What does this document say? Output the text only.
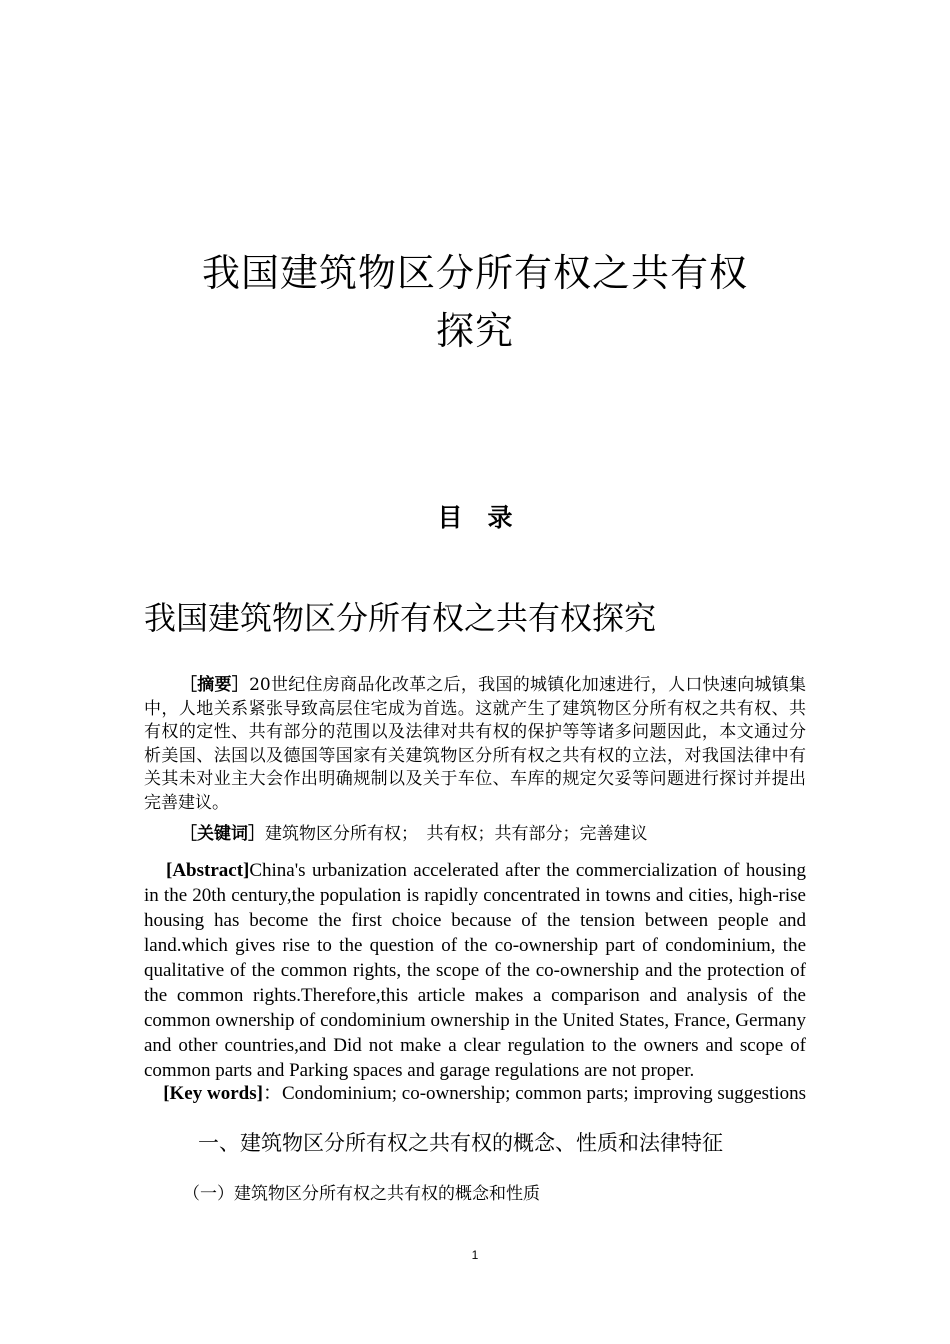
我国建筑物区分所有权之共有权
探究
目　录
我国建筑物区分所有权之共有权探究
［摘要］20世纪住房商品化改革之后，我国的城镇化加速进行，人口快速向城镇集中，人地关系紧张导致高层住宅成为首选。这就产生了建筑物区分所有权之共有权、共有权的定性、共有部分的范围以及法律对共有权的保护等等诸多问题因此，本文通过分析美国、法国以及德国等国家有关建筑物区分所有权之共有权的立法，对我国法律中有关其未对业主大会作出明确规制以及关于车位、车库的规定欠妥等问题进行探讨并提出完善建议。
［关键词］建筑物区分所有权；　共有权；共有部分；完善建议
[Abstract]China's urbanization accelerated after the commercialization of housing in the 20th century,the population is rapidly concentrated in towns and cities, high-rise housing has become the first choice because of the tension between people and land.which gives rise to the question of the co-ownership part of condominium, the qualitative of the common rights, the scope of the co-ownership and the protection of the common rights.Therefore,this article makes a comparison and analysis of the common ownership of condominium ownership in the United States, France, Germany and other countries,and Did not make a clear regulation to the owners and scope of common parts and Parking spaces and garage regulations are not proper.
[Key words]：Condominium; co-ownership; common parts; improving suggestions
一、建筑物区分所有权之共有权的概念、性质和法律特征
（一）建筑物区分所有权之共有权的概念和性质
1
